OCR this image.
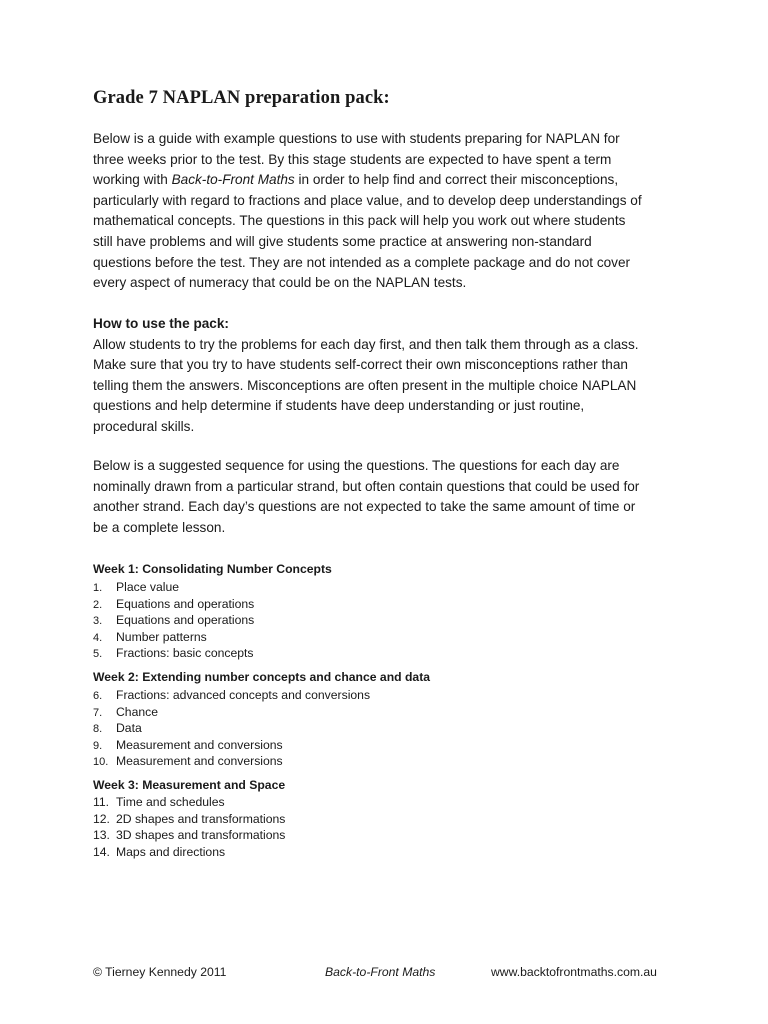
Grade 7 NAPLAN preparation pack:

Below is a guide with example questions to use with students preparing for NAPLAN for
three weeks prior to the test. By this stage students are expected to have spent a term
working with Back-to-Front Maths in order to help find and correct their misconceptions,
particularly with regard to fractions and place value, and to develop deep understandings of
mathematical concepts. The questions in this pack will help you work out where students
still have problems and will give students some practice at answering non-standard
questions before the test. They are not intended as a complete package and do not cover
every aspect of numeracy that could be on the NAPLAN tests.

How to use the pack:
Allow students to try the problems for each day first, and then talk them through as a class.
Make sure that you try to have students self-correct their own misconceptions rather than
telling them the answers. Misconceptions are often present in the multiple choice NAPLAN
questions and help determine if students have deep understanding or just routine,
procedural skills.

Below is a suggested sequence for using the questions. The questions for each day are
nominally drawn from a particular strand, but often contain questions that could be used for
another strand. Each day’s questions are not expected to take the same amount of time or
be a complete lesson.

Week 1: Consolidating Number Concepts
1. Place value
2. Equations and operations
3. Equations and operations
4. Number patterns
5. Fractions: basic concepts
Week 2: Extending number concepts and chance and data
6. Fractions: advanced concepts and conversions
7. Chance
8. Data
9. Measurement and conversions
10. Measurement and conversions
Week 3: Measurement and Space
11. Time and schedules
12. 2D shapes and transformations
13. 3D shapes and transformations
14. Maps and directions
© Tierney Kennedy 2011	Back-to-Front Maths	www.backtofrontmaths.com.au
